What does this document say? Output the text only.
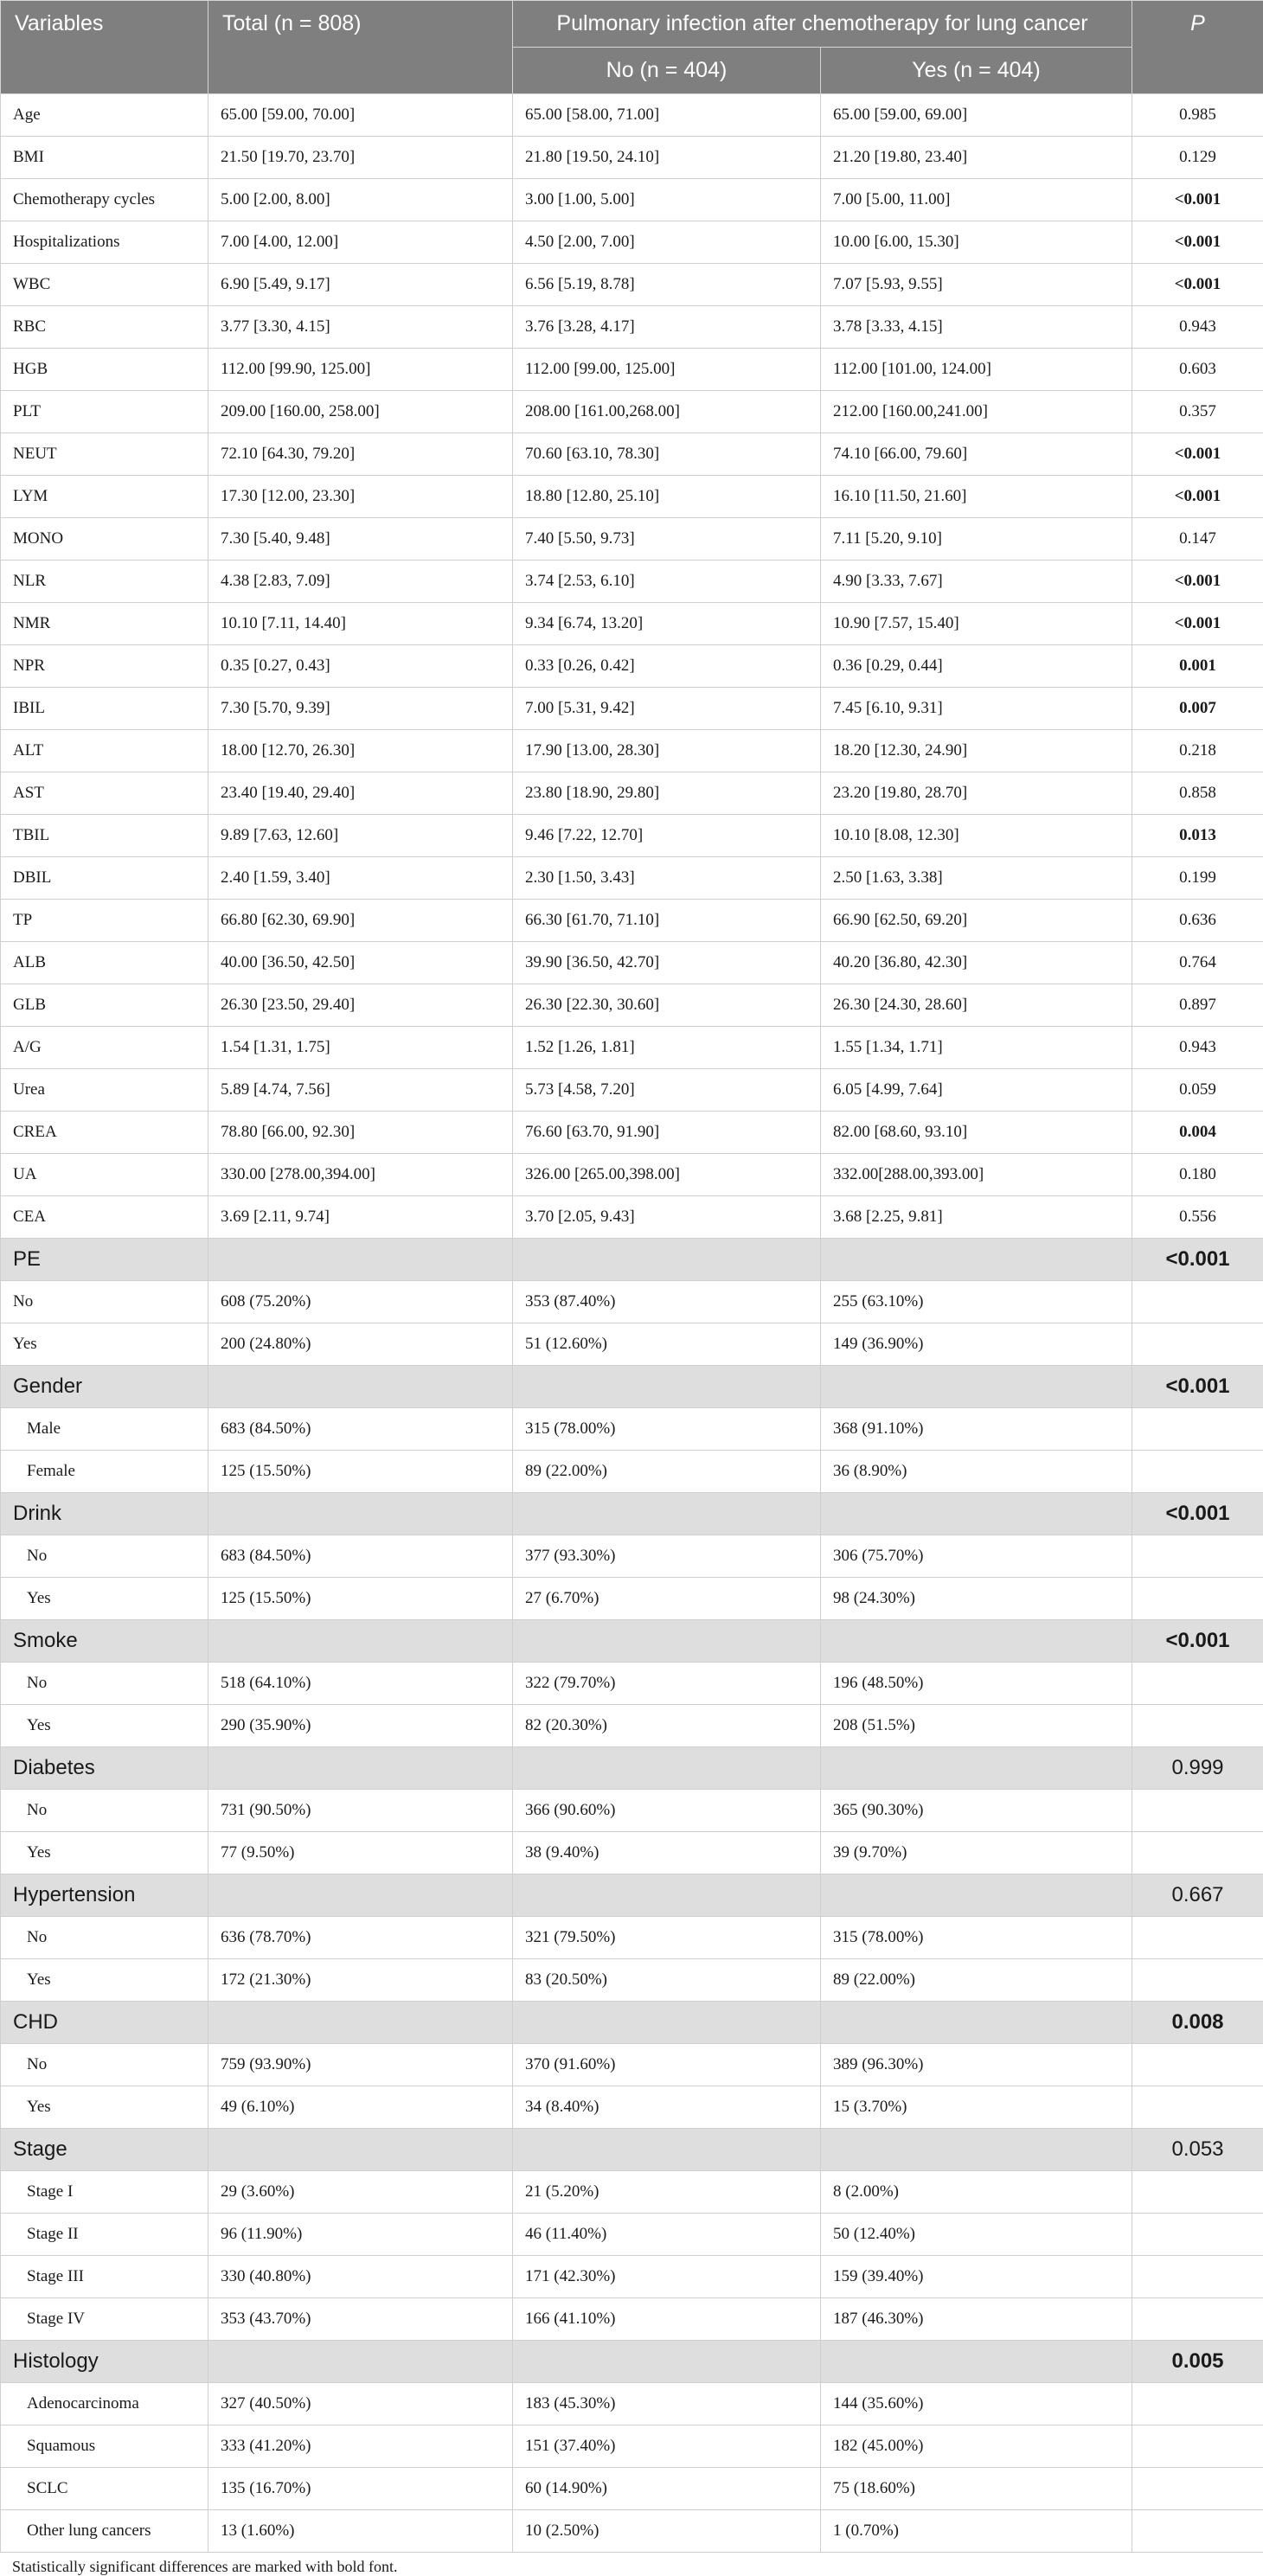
Variables	Total (n = 808)	Pulmonary infection after chemotherapy for lung cancer		P
		No (n = 404)	Yes (n = 404)	
Age	65.00 [59.00, 70.00]	65.00 [58.00, 71.00]	65.00 [59.00, 69.00]	0.985
BMI	21.50 [19.70, 23.70]	21.80 [19.50, 24.10]	21.20 [19.80, 23.40]	0.129
Chemotherapy cycles	5.00 [2.00, 8.00]	3.00 [1.00, 5.00]	7.00 [5.00, 11.00]	<0.001
Hospitalizations	7.00 [4.00, 12.00]	4.50 [2.00, 7.00]	10.00 [6.00, 15.30]	<0.001
WBC	6.90 [5.49, 9.17]	6.56 [5.19, 8.78]	7.07 [5.93, 9.55]	<0.001
RBC	3.77 [3.30, 4.15]	3.76 [3.28, 4.17]	3.78 [3.33, 4.15]	0.943
HGB	112.00 [99.90, 125.00]	112.00 [99.00, 125.00]	112.00 [101.00, 124.00]	0.603
PLT	209.00 [160.00, 258.00]	208.00 [161.00,268.00]	212.00 [160.00,241.00]	0.357
NEUT	72.10 [64.30, 79.20]	70.60 [63.10, 78.30]	74.10 [66.00, 79.60]	<0.001
LYM	17.30 [12.00, 23.30]	18.80 [12.80, 25.10]	16.10 [11.50, 21.60]	<0.001
MONO	7.30 [5.40, 9.48]	7.40 [5.50, 9.73]	7.11 [5.20, 9.10]	0.147
NLR	4.38 [2.83, 7.09]	3.74 [2.53, 6.10]	4.90 [3.33, 7.67]	<0.001
NMR	10.10 [7.11, 14.40]	9.34 [6.74, 13.20]	10.90 [7.57, 15.40]	<0.001
NPR	0.35 [0.27, 0.43]	0.33 [0.26, 0.42]	0.36 [0.29, 0.44]	0.001
IBIL	7.30 [5.70, 9.39]	7.00 [5.31, 9.42]	7.45 [6.10, 9.31]	0.007
ALT	18.00 [12.70, 26.30]	17.90 [13.00, 28.30]	18.20 [12.30, 24.90]	0.218
AST	23.40 [19.40, 29.40]	23.80 [18.90, 29.80]	23.20 [19.80, 28.70]	0.858
TBIL	9.89 [7.63, 12.60]	9.46 [7.22, 12.70]	10.10 [8.08, 12.30]	0.013
DBIL	2.40 [1.59, 3.40]	2.30 [1.50, 3.43]	2.50 [1.63, 3.38]	0.199
TP	66.80 [62.30, 69.90]	66.30 [61.70, 71.10]	66.90 [62.50, 69.20]	0.636
ALB	40.00 [36.50, 42.50]	39.90 [36.50, 42.70]	40.20 [36.80, 42.30]	0.764
GLB	26.30 [23.50, 29.40]	26.30 [22.30, 30.60]	26.30 [24.30, 28.60]	0.897
A/G	1.54 [1.31, 1.75]	1.52 [1.26, 1.81]	1.55 [1.34, 1.71]	0.943
Urea	5.89 [4.74, 7.56]	5.73 [4.58, 7.20]	6.05 [4.99, 7.64]	0.059
CREA	78.80 [66.00, 92.30]	76.60 [63.70, 91.90]	82.00 [68.60, 93.10]	0.004
UA	330.00 [278.00,394.00]	326.00 [265.00,398.00]	332.00[288.00,393.00]	0.180
CEA	3.69 [2.11, 9.74]	3.70 [2.05, 9.43]	3.68 [2.25, 9.81]	0.556
PE				<0.001
No	608 (75.20%)	353 (87.40%)	255 (63.10%)	
Yes	200 (24.80%)	51 (12.60%)	149 (36.90%)	
Gender				<0.001
Male	683 (84.50%)	315 (78.00%)	368 (91.10%)	
Female	125 (15.50%)	89 (22.00%)	36 (8.90%)	
Drink				<0.001
No	683 (84.50%)	377 (93.30%)	306 (75.70%)	
Yes	125 (15.50%)	27 (6.70%)	98 (24.30%)	
Smoke				<0.001
No	518 (64.10%)	322 (79.70%)	196 (48.50%)	
Yes	290 (35.90%)	82 (20.30%)	208 (51.5%)	
Diabetes				0.999
No	731 (90.50%)	366 (90.60%)	365 (90.30%)	
Yes	77 (9.50%)	38 (9.40%)	39 (9.70%)	
Hypertension				0.667
No	636 (78.70%)	321 (79.50%)	315 (78.00%)	
Yes	172 (21.30%)	83 (20.50%)	89 (22.00%)	
CHD				0.008
No	759 (93.90%)	370 (91.60%)	389 (96.30%)	
Yes	49 (6.10%)	34 (8.40%)	15 (3.70%)	
Stage				0.053
Stage I	29 (3.60%)	21 (5.20%)	8 (2.00%)	
Stage II	96 (11.90%)	46 (11.40%)	50 (12.40%)	
Stage III	330 (40.80%)	171 (42.30%)	159 (39.40%)	
Stage IV	353 (43.70%)	166 (41.10%)	187 (46.30%)	
Histology				0.005
Adenocarcinoma	327 (40.50%)	183 (45.30%)	144 (35.60%)	
Squamous	333 (41.20%)	151 (37.40%)	182 (45.00%)	
SCLC	135 (16.70%)	60 (14.90%)	75 (18.60%)	
Other lung cancers	13 (1.60%)	10 (2.50%)	1 (0.70%)	
Statistically significant differences are marked with bold font.
